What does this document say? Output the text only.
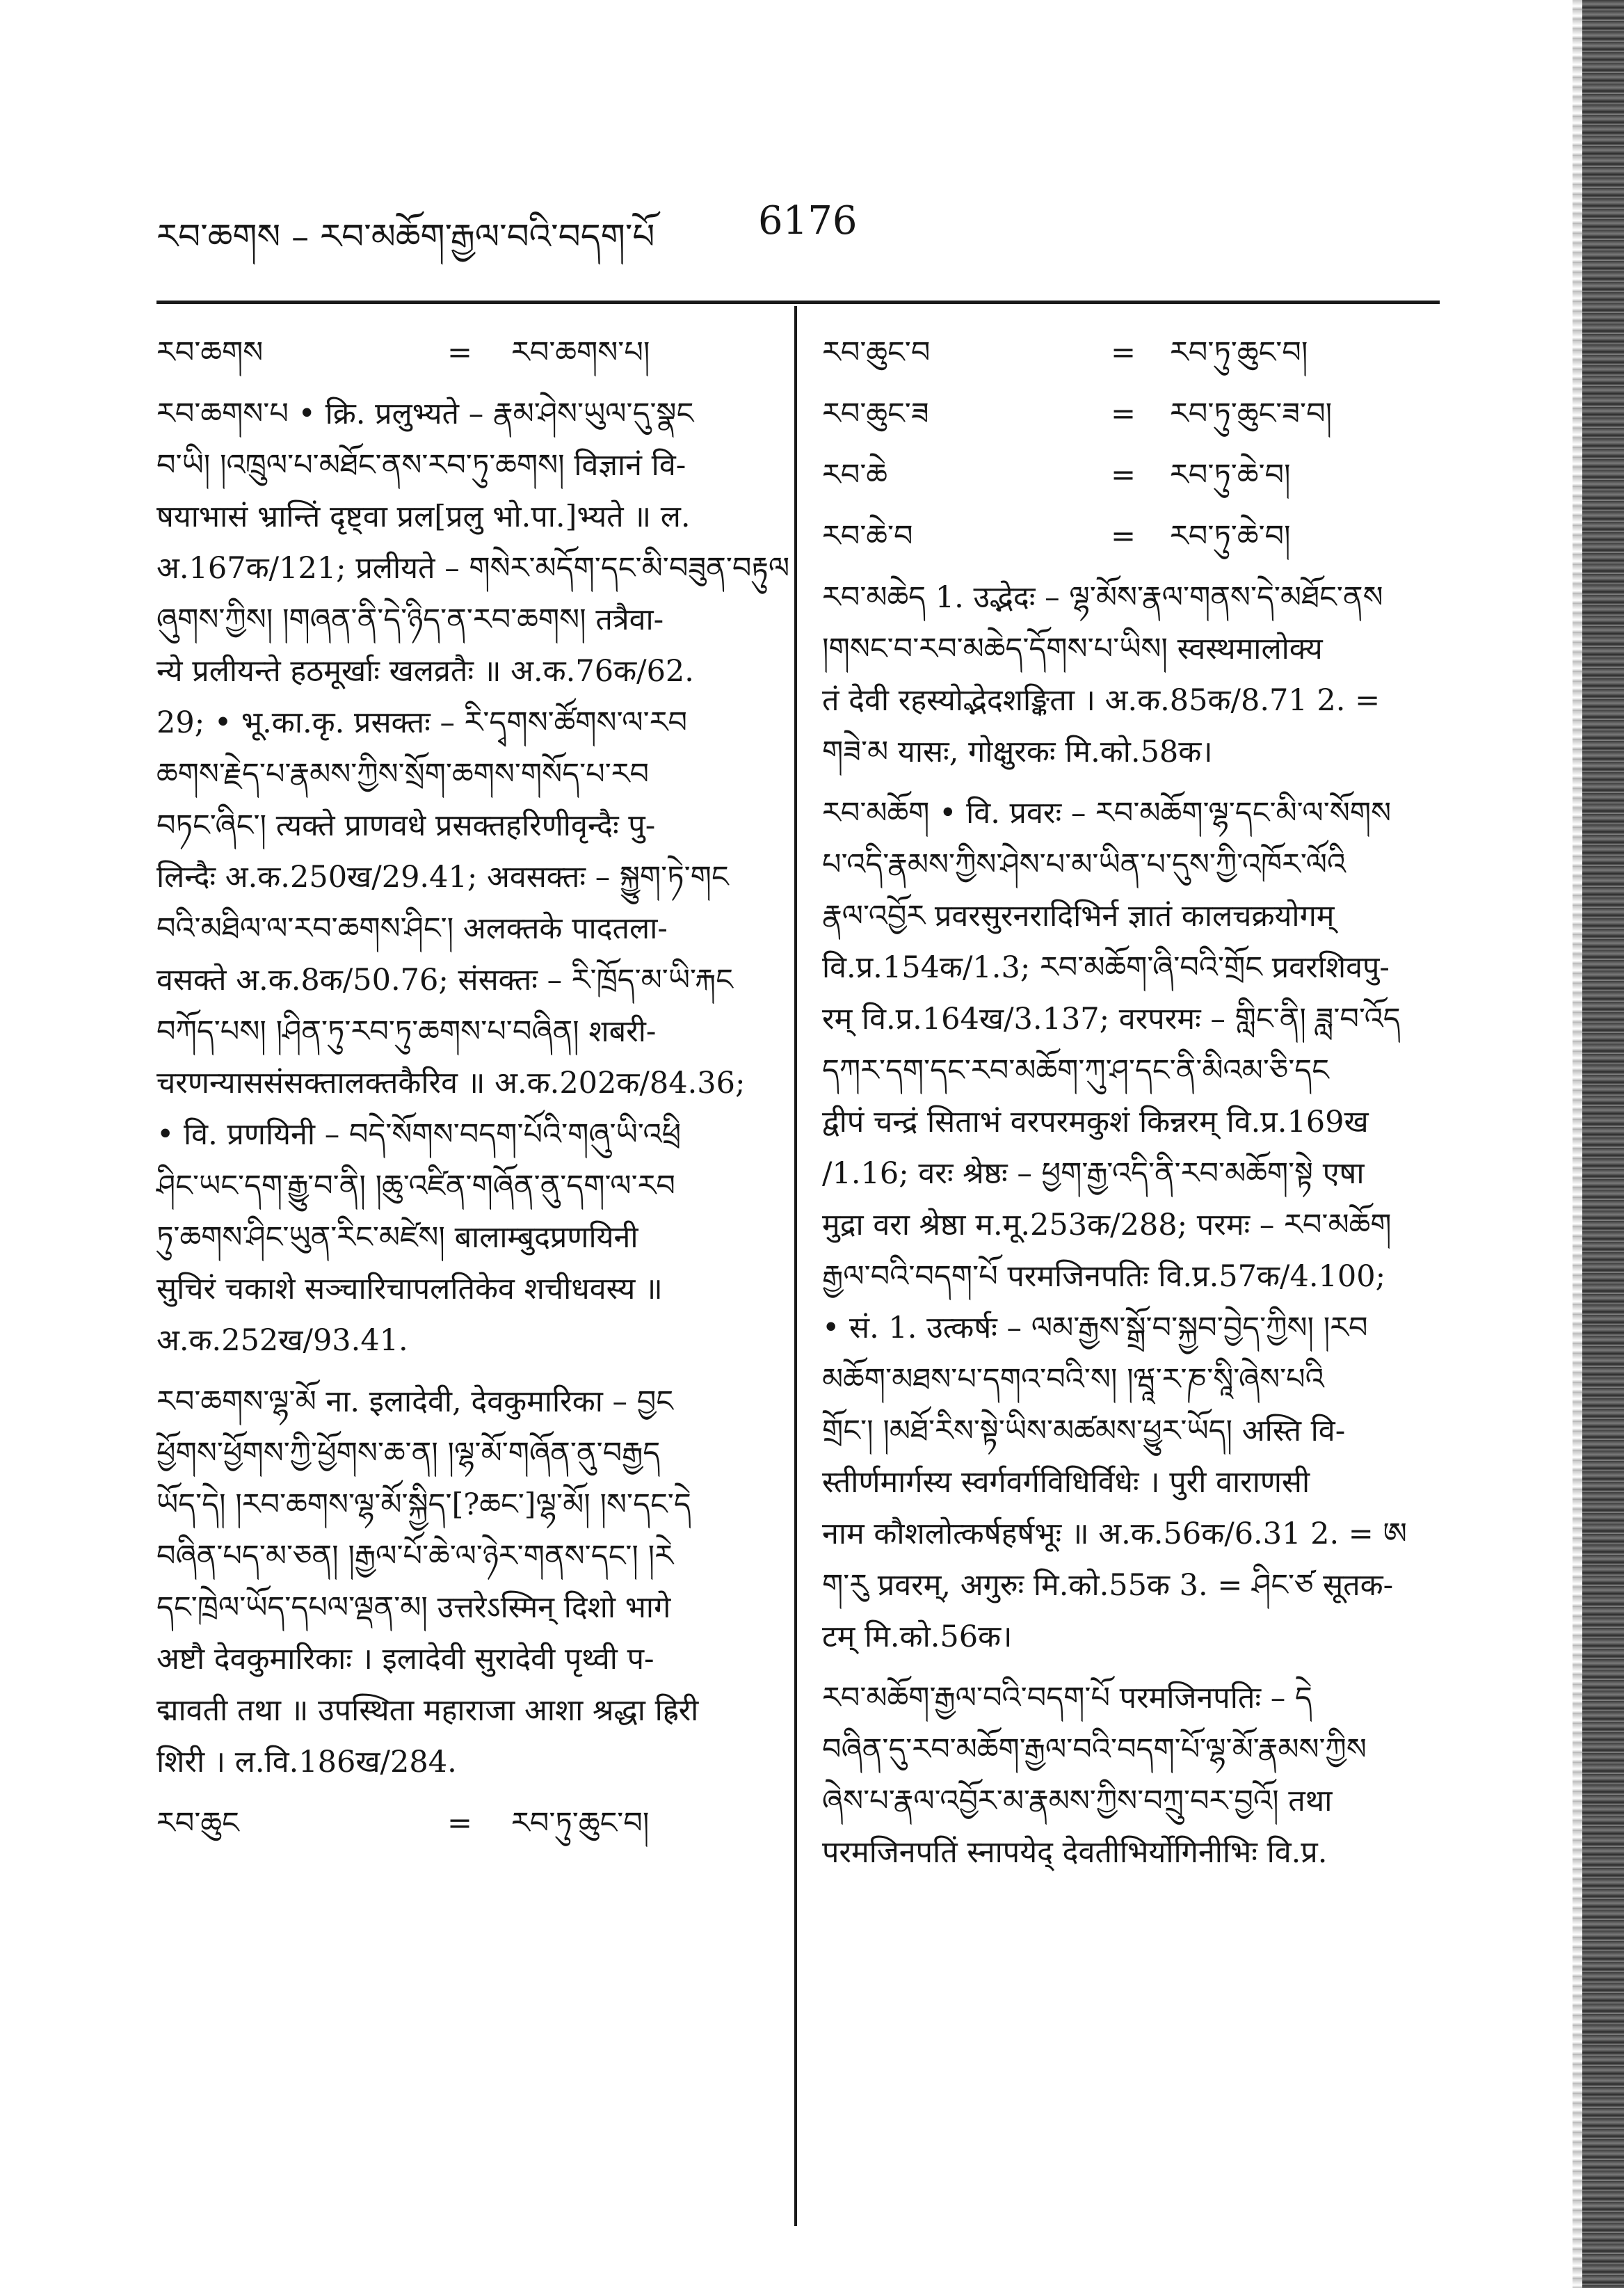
རབ་ཆགས – རབ་མཆོག་རྒྱལ་བའི་བདག་པོ	6176
རབ་ཆགས	= རབ་ཆགས་པ།
རབ་ཆགས་པ • क्रि. प्रलुभ्यते – རྣམ་ཤེས་ཡུལ་དུ་སྣང
བ་ཡི། །འཁྲུལ་པ་མཐོང་ནས་རབ་ཏུ་ཆགས། विज्ञानं वि-
षयाभासं भ्रान्तिं दृष्ट्वा प्रल[प्रलु भो.पा.]भ्यते ॥ ल.
अ.167क/121; प्रलीयते – གསེར་མདོག་དང་མི་བཟུན་བརྟུལ
ཞུགས་ཀྱིས། །གཞན་ནི་དེ་ཉིད་ན་རབ་ཆགས། तत्रैवा-
न्ये प्रलीयन्ते हठमूर्खाः खलव्रतैः ॥ अ.क.76क/62.
29; • भू.का.कृ. प्रसक्तः – རི་དྭགས་ཚོགས་ལ་རབ
ཆགས་རྗེད་པ་རྣམས་ཀྱིས་སྲོག་ཆགས་གསོད་པ་རབ
བཏང་ཞིང་། त्यक्ते प्राणवधे प्रसक्तहरिणीवृन्दैः पु-
लिन्दैः अ.क.250ख/29.41; अवसक्तः – སྐྱུག་ཏེ་གང
བའི་མཐིལ་ལ་རབ་ཆགས་ཤིང་། अलक्तके पादतला-
वसक्ते अ.क.8क/50.76; संसक्तः – རི་ཁྲོད་མ་ཡི་རྐང
བཀོད་པས། །ཤིན་ཏུ་རབ་ཏུ་ཆགས་པ་བཞིན། शबरी-
चरणन्याससंसक्तालक्तकैरिव ॥ अ.क.202क/84.36;
• वि. प्रणयिनी – བདེ་སོགས་བདག་པོའི་གཞུ་ཡི་འཕྲི
ཤིང་ཡང་དག་རྒྱུ་བ་ནི། །ཆུ་འཛིན་གཞོན་ནུ་དག་ལ་རབ
ཏུ་ཆགས་ཤིང་ཡུན་རིང་མཛེས། बालाम्बुदप्रणयिनी
सुचिरं चकाशे सञ्चारिचापलतिकेव शचीधवस्य ॥
अ.क.252ख/93.41.
རབ་ཆགས་ལྷ་མོ ना. इलादेवी, देवकुमारिका – བྱང
ཕྱོགས་ཕྱོགས་ཀྱི་ཕྱོགས་ཆ་ན། །ལྷ་མོ་གཞོན་ནུ་བརྒྱད
ཡོད་དེ། །རབ་ཆགས་ལྷ་མོ་སྐྱིད་[?ཆང་]ལྷ་མོ། །ས་དང་དེ
བཞིན་པད་མ་ཅན། །རྒྱལ་པོ་ཆེ་ལ་ཉེར་གནས་དང་། །རེ
དང་ཁྲེལ་ཡོད་དཔལ་ལྡན་མ། उत्तरेऽस्मिन् दिशो भागे
अष्टौ देवकुमारिकाः । इलादेवी सुरादेवी पृथ्वी प-
द्मावती तथा ॥ उपस्थिता महाराजा आशा श्रद्धा ह्रिरी
शिरी । ल.वि.186ख/284.
རབ་ཆུང	= རབ་ཏུ་ཆུང་བ།
རབ་ཆུང་བ	= རབ་ཏུ་ཆུང་བ།
རབ་ཆུང་ཟ	= རབ་ཏུ་ཆུང་ཟ་བ།
རབ་ཆེ	= རབ་ཏུ་ཆེ་བ།
རབ་ཆེ་བ	= རབ་ཏུ་ཆེ་བ།
རབ་མཆེད 1. उद्भेदः – ལྷ་མོས་རྣལ་གནས་དེ་མཐོང་ནས
།གསང་བ་རབ་མཆེད་དོགས་པ་ཡིས། स्वस्थमालोक्य
तं देवी रहस्योद्भेदशङ्किता । अ.क.85क/8.71 2. =
གཟེ་མ यासः, गोक्षुरकः मि.को.58क।
རབ་མཆོག • वि. प्रवरः – རབ་མཆོག་ལྷ་དང་མི་ལ་སོགས
པ་འདི་རྣམས་ཀྱིས་ཤེས་པ་མ་ཡིན་པ་དུས་ཀྱི་འཁོར་ལོའི
རྣལ་འབྱོར प्रवरसुरनरादिभिर्न ज्ञातं कालचक्रयोगम्
वि.प्र.154क/1.3; རབ་མཆོག་ཞི་བའི་གྲོང प्रवरशिवपु-
रम् वि.प्र.164ख/3.137; वरपरमः – གླིང་ནི། ཟླ་བ་འོད
དཀར་དག་དང་རབ་མཆོག་ཀུ་ཤ་དང་ནི་མིའམ་ཅི་དང
द्वीपं चन्द्रं सिताभं वरपरमकुशं किन्नरम् वि.प्र.169ख
/1.16; वरः श्रेष्ठः – ཕྱག་རྒྱ་འདི་ནི་རབ་མཆོག་སྟེ एषा
मुद्रा वरा श्रेष्ठा म.मू.253क/288; परमः – རབ་མཆོག
རྒྱལ་བའི་བདག་པོ परमजिनपतिः वि.प्र.57क/4.100;
• सं. 1. उत्कर्षः – ལམ་རྒྱས་སྒྲོ་བ་སྐྱབ་བྱེད་ཀྱིས། །རབ
མཆོག་མཐས་པ་དགའ་བའི་ས། །ཝཱ་ར་ཎ་སཱི་ཞེས་པའི
གྲོང་། །མཐོ་རིས་སྟེ་ཡིས་མཚམས་ཕྱུར་ཡོད། अस्ति वि-
स्तीर्णमार्गस्य स्वर्गवर्गविधिर्विधेः । पुरी वाराणसी
नाम कौशलोत्कर्षहर्षभूः ॥ अ.क.56क/6.31 2. = ཨ
ག་རུ प्रवरम्, अगुरुः मि.को.55क 3. = ཤིང་ཙ सूतक-
टम् मि.को.56क।
རབ་མཆོག་རྒྱལ་བའི་བདག་པོ परमजिनपतिः – དེ
བཞིན་དུ་རབ་མཆོག་རྒྱལ་བའི་བདག་པོ་ལྷ་མོ་རྣམས་ཀྱིས
ཞེས་པ་རྣལ་འབྱོར་མ་རྣམས་ཀྱིས་བཀྲུ་བར་བྱའོ། तथा
परमजिनपतिं स्नापयेद् देवतीभिर्योगिनीभिः वि.प्र.
